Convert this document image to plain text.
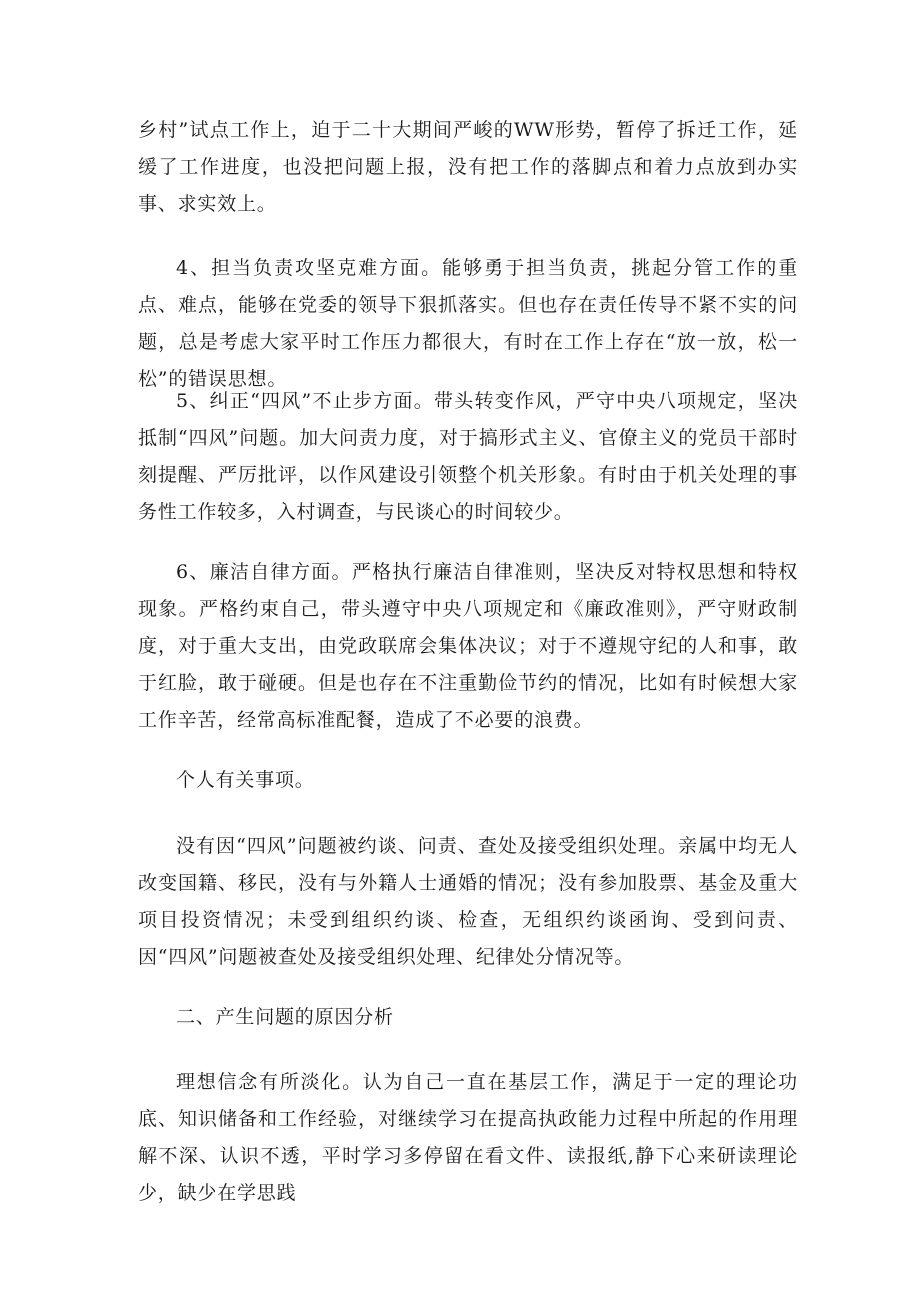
乡村”试点工作上，迫于二十大期间严峻的WW形势，暂停了拆迁工作，延缓了工作进度，也没把问题上报，没有把工作的落脚点和着力点放到办实事、求实效上。

4、担当负责攻坚克难方面。能够勇于担当负责，挑起分管工作的重点、难点，能够在党委的领导下狠抓落实。但也存在责任传导不紧不实的问题，总是考虑大家平时工作压力都很大，有时在工作上存在“放一放，松一松”的错误思想。

5、纠正“四风”不止步方面。带头转变作风，严守中央八项规定，坚决抵制“四风”问题。加大问责力度，对于搞形式主义、官僚主义的党员干部时刻提醒、严厉批评，以作风建设引领整个机关形象。有时由于机关处理的事务性工作较多，入村调查，与民谈心的时间较少。

6、廉洁自律方面。严格执行廉洁自律准则，坚决反对特权思想和特权现象。严格约束自己，带头遵守中央八项规定和《廉政准则》，严守财政制度，对于重大支出，由党政联席会集体决议；对于不遵规守纪的人和事，敢于红脸，敢于碰硬。但是也存在不注重勤俭节约的情况，比如有时候想大家工作辛苦，经常高标准配餐，造成了不必要的浪费。

个人有关事项。

没有因“四风”问题被约谈、问责、查处及接受组织处理。亲属中均无人改变国籍、移民，没有与外籍人士通婚的情况；没有参加股票、基金及重大项目投资情况；未受到组织约谈、检查，无组织约谈函询、受到问责、因“四风”问题被查处及接受组织处理、纪律处分情况等。

二、产生问题的原因分析

理想信念有所淡化。认为自己一直在基层工作，满足于一定的理论功底、知识储备和工作经验，对继续学习在提高执政能力过程中所起的作用理解不深、认识不透，平时学习多停留在看文件、读报纸,静下心来研读理论少，缺少在学思践
